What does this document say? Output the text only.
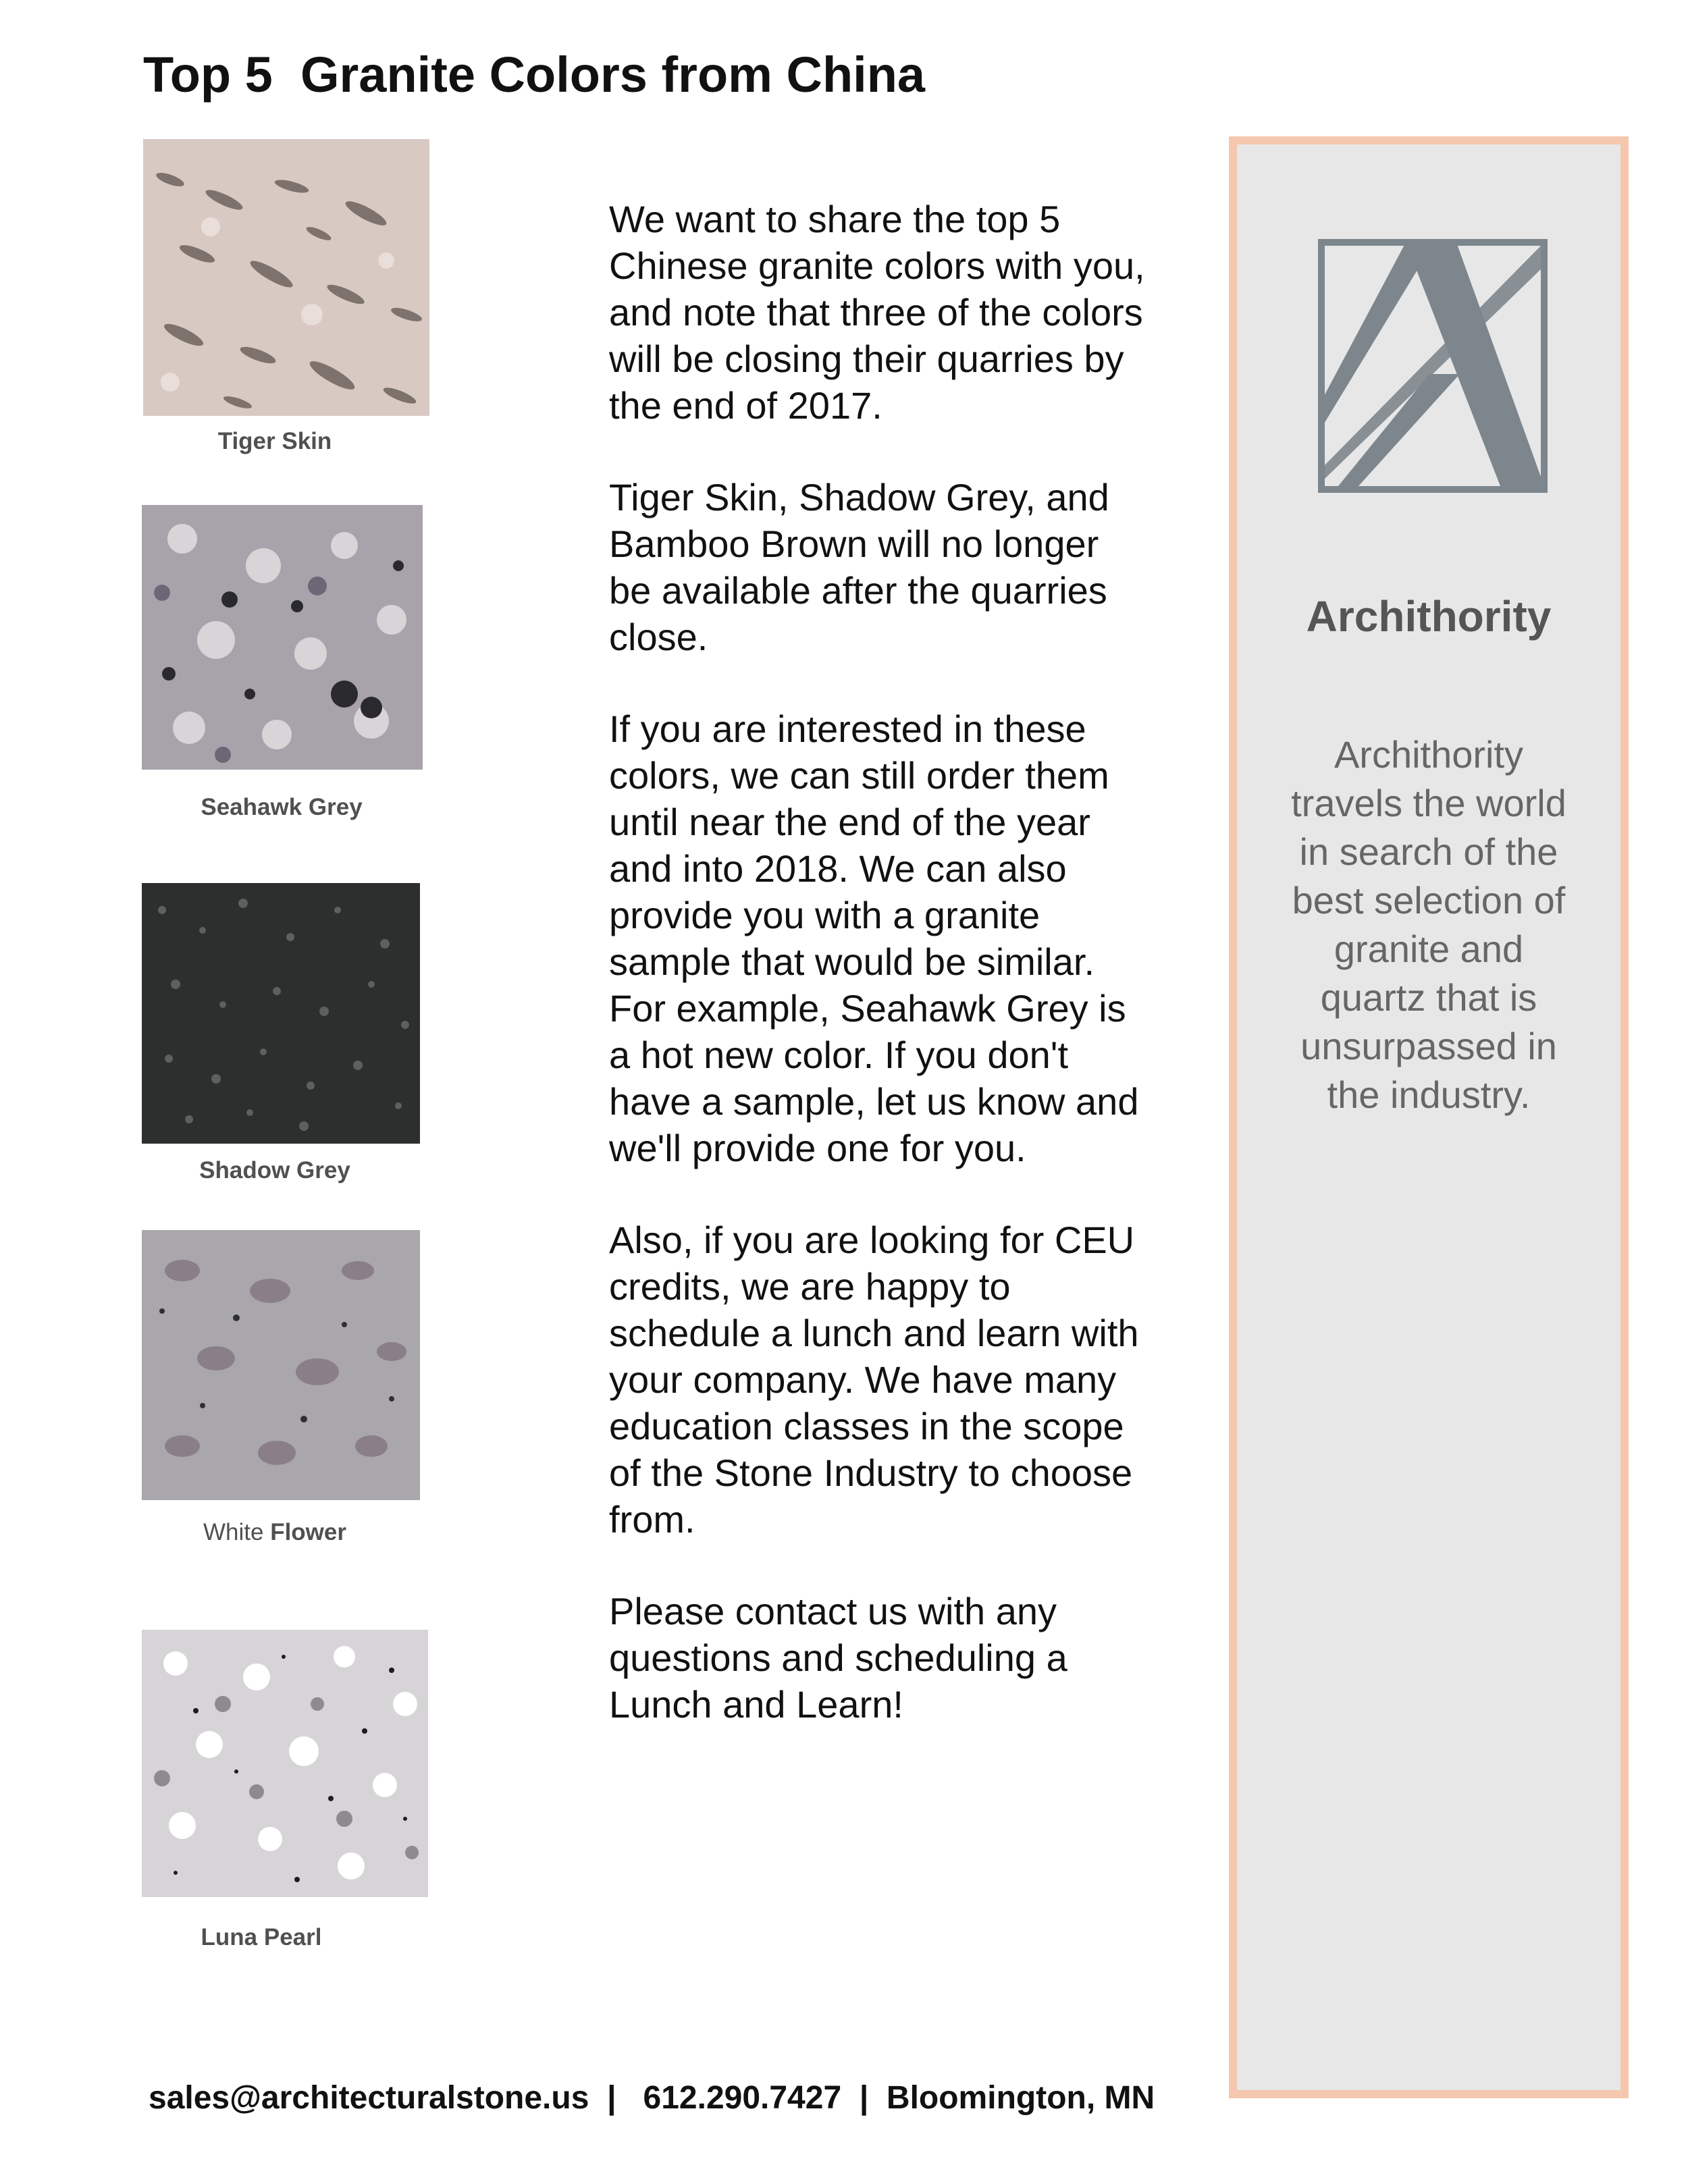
Top 5  Granite Colors from China
Tiger Skin
Seahawk Grey
Shadow Grey
White Flower
Luna Pearl

We want to share the top 5 Chinese granite colors with you, and note that three of the colors will be closing their quarries by the end of 2017.

Tiger Skin, Shadow Grey, and Bamboo Brown will no longer be available after the quarries close.

If you are interested in these colors, we can still order them until near the end of the year and into 2018. We can also provide you with a granite sample that would be similar. For example, Seahawk Grey is a hot new color. If you don't have a sample, let us know and we'll provide one for you.

Also, if you are looking for CEU credits, we are happy to schedule a lunch and learn with your company. We have many education classes in the scope of the Stone Industry to choose from.

Please contact us with any questions and scheduling a Lunch and Learn!

Archithority
Archithority travels the world in search of the best selection of granite and quartz that is unsurpassed in the industry.
sales@architecturalstone.us  |   612.290.7427  |  Bloomington, MN
